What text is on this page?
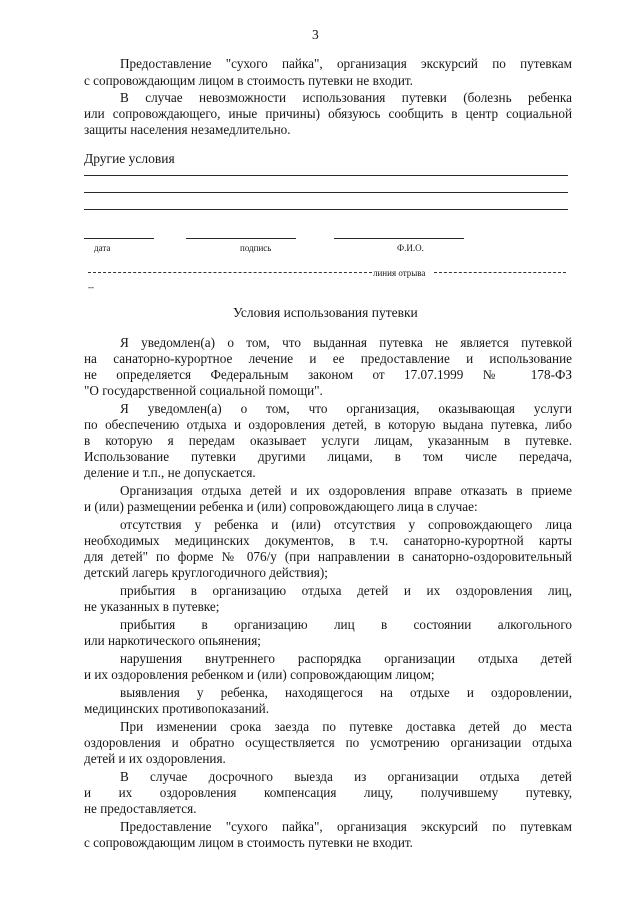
3
Предоставление "сухого пайка", организация экскурсий по путевкам
с сопровождающим лицом в стоимость путевки не входит.
В случае невозможности использования путевки (болезнь ребенка
или сопровождающего, иные причины) обязуюсь сообщить в центр социальной
защиты населения незамедлительно.
Другие условия
дата	подпись	Ф.И.О.
линия отрыва
--
Условия использования путевки
Я уведомлен(а) о том, что выданная путевка не является путевкой
на санаторно-курортное лечение и ее предоставление и использование
не определяется Федеральным законом от 17.07.1999 № 178-ФЗ
"О государственной социальной помощи".
Я уведомлен(а) о том, что организация, оказывающая услуги
по обеспечению отдыха и оздоровления детей, в которую выдана путевка, либо
в которую я передам оказывает услуги лицам, указанным в путевке.
Использование путевки другими лицами, в том числе передача,
деление и т.п., не допускается.
Организация отдыха детей и их оздоровления вправе отказать в приеме
и (или) размещении ребенка и (или) сопровождающего лица в случае:
отсутствия у ребенка и (или) отсутствия у сопровождающего лица
необходимых медицинских документов, в т.ч. санаторно-курортной карты
для детей" по форме № 076/у (при направлении в санаторно-оздоровительный
детский лагерь круглогодичного действия);
прибытия в организацию отдыха детей и их оздоровления лиц,
не указанных в путевке;
прибытия в организацию лиц в состоянии алкогольного
или наркотического опьянения;
нарушения внутреннего распорядка организации отдыха детей
и их оздоровления ребенком и (или) сопровождающим лицом;
выявления у ребенка, находящегося на отдыхе и оздоровлении,
медицинских противопоказаний.
При изменении срока заезда по путевке доставка детей до места
оздоровления и обратно осуществляется по усмотрению организации отдыха
детей и их оздоровления.
В случае досрочного выезда из организации отдыха детей
и их оздоровления компенсация лицу, получившему путевку,
не предоставляется.
Предоставление "сухого пайка", организация экскурсий по путевкам
с сопровождающим лицом в стоимость путевки не входит.
